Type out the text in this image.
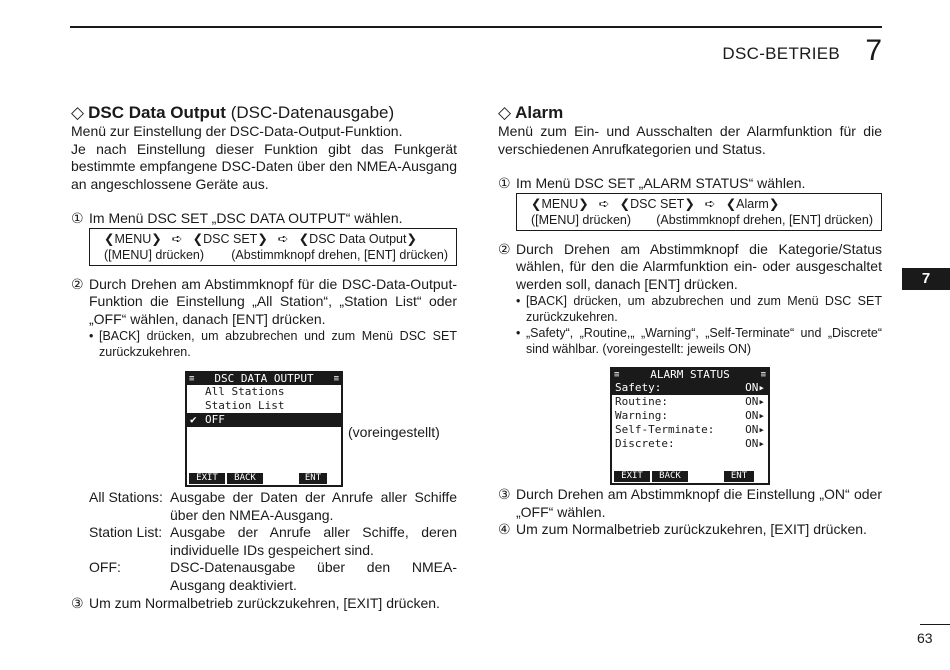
DSC-BETRIEB 7
7
63
◇ DSC Data Output (DSC-Datenausgabe)

Menü zur Einstellung der DSC-Data-Output-Funktion.

Je nach Einstellung dieser Funktion gibt das Funkgerät bestimmte empfangene DSC-Daten über den NMEA-Ausgang an angeschlossene Geräte aus.

① Im Menü DSC SET „DSC DATA OUTPUT“ wählen.
❮MENU❯ ➪ ❮DSC SET❯ ➪ ❮DSC Data Output❯
([MENU] drücken) (Abstimmknopf drehen, [ENT] drücken)
② Durch Drehen am Abstimmknopf für die DSC-Data-Output-Funktion die Einstellung „All Station“, „Station List“ oder „OFF“ wählen, danach [ENT] drücken.
• [BACK] drücken, um abzubrechen und zum Menü DSC SET zurückzukehren.
≡ DSC DATA OUTPUT ≡
All Stations
Station List
✔ OFF
EXIT	BACK	ENT
(voreingestellt)
All Stations: Ausgabe der Daten der Anrufe aller Schiffe über den NMEA-Ausgang.
Station List: Ausgabe der Anrufe aller Schiffe, deren individuelle IDs gespeichert sind.
OFF:	DSC-Datenausgabe über den NMEA-Ausgang deaktiviert.
③ Um zum Normalbetrieb zurückzukehren, [EXIT] drücken.
◇ Alarm

Menü zum Ein- und Ausschalten der Alarmfunktion für die verschiedenen Anrufkategorien und Status.

① Im Menü DSC SET „ALARM STATUS“ wählen.
❮MENU❯ ➪ ❮DSC SET❯ ➪ ❮Alarm❯
([MENU] drücken) (Abstimmknopf drehen, [ENT] drücken)
② Durch Drehen am Abstimmknopf die Kategorie/Status wählen, für den die Alarmfunktion ein- oder ausgeschaltet werden soll, danach [ENT] drücken.
• [BACK] drücken, um abzubrechen und zum Menü DSC SET zurückzukehren.
• „Safety“, „Routine,„ „Warning“, „Self-Terminate“ und „Discrete“ sind wählbar. (voreingestellt: jeweils ON)
≡	ALARM STATUS	≡
Safety:	ON▸
Routine:	ON▸
Warning:	ON▸
Self-Terminate:	ON▸
Discrete:	ON▸
EXIT	BACK	ENT
③ Durch Drehen am Abstimmknopf die Einstellung „ON“ oder „OFF“ wählen.
④ Um zum Normalbetrieb zurückzukehren, [EXIT] drücken.
